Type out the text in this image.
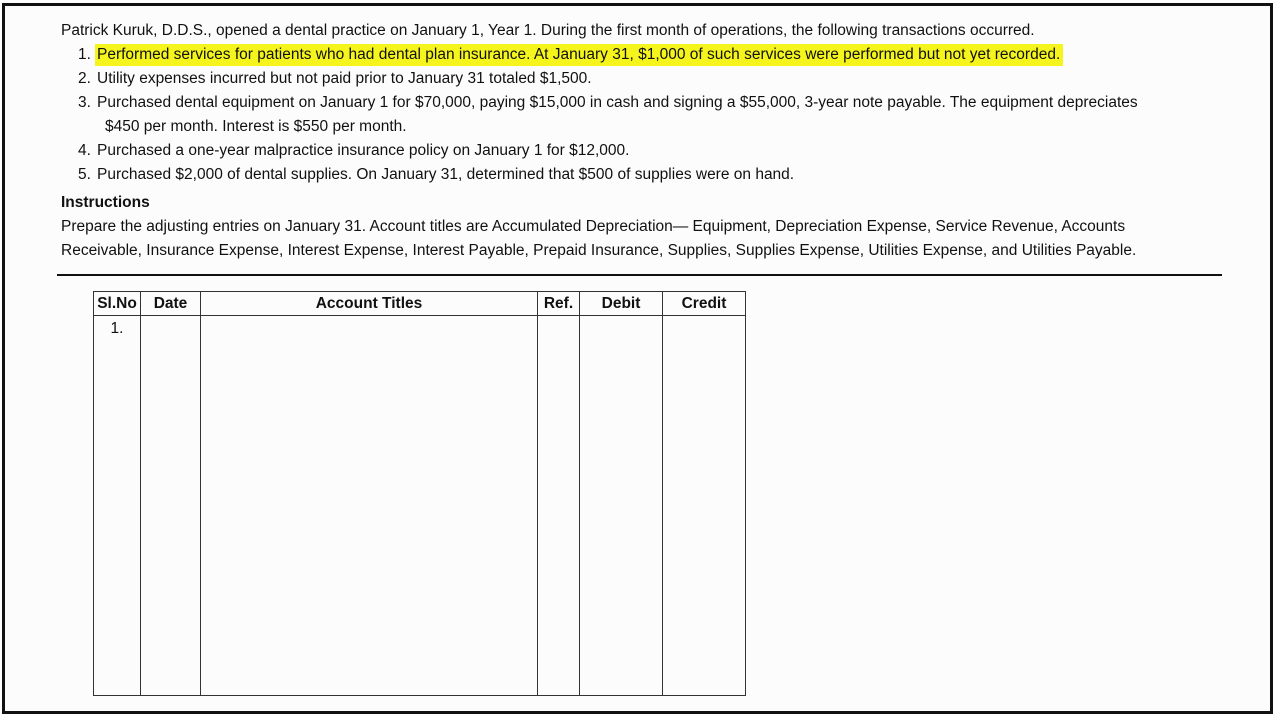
Patrick Kuruk, D.D.S., opened a dental practice on January 1, Year 1. During the first month of operations, the following transactions occurred.
1. Performed services for patients who had dental plan insurance. At January 31, $1,000 of such services were performed but not yet recorded.
2. Utility expenses incurred but not paid prior to January 31 totaled $1,500.
3. Purchased dental equipment on January 1 for $70,000, paying $15,000 in cash and signing a $55,000, 3-year note payable. The equipment depreciates
$450 per month. Interest is $550 per month.
4. Purchased a one-year malpractice insurance policy on January 1 for $12,000.
5. Purchased $2,000 of dental supplies. On January 31, determined that $500 of supplies were on hand.
Instructions
Prepare the adjusting entries on January 31. Account titles are Accumulated Depreciation— Equipment, Depreciation Expense, Service Revenue, Accounts
Receivable, Insurance Expense, Interest Expense, Interest Payable, Prepaid Insurance, Supplies, Supplies Expense, Utilities Expense, and Utilities Payable.
Sl.No	Date	Account Titles	Ref.	Debit	Credit
1.					
